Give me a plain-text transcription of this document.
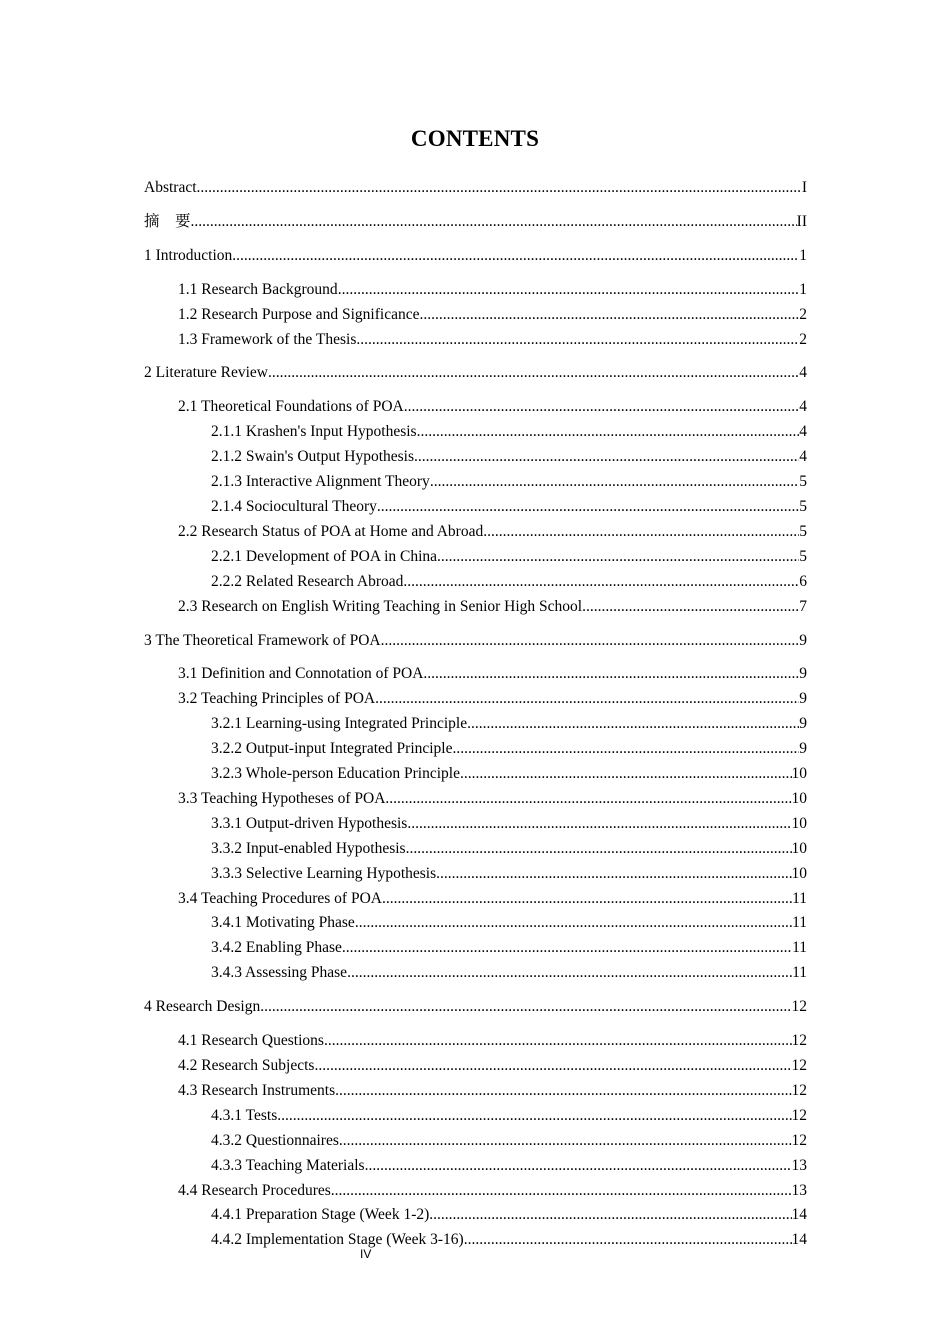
CONTENTS
Abstract .....	I
摘　要 .....	II
1 Introduction .....	1
1.1 Research Background .....	1
1.2 Research Purpose and Significance .....	2
1.3 Framework of the Thesis .....	2
2 Literature Review .....	4
2.1 Theoretical Foundations of POA .....	4
2.1.1 Krashen's Input Hypothesis .....	4
2.1.2 Swain's Output Hypothesis .....	4
2.1.3 Interactive Alignment Theory .....	5
2.1.4 Sociocultural Theory .....	5
2.2 Research Status of POA at Home and Abroad .....	5
2.2.1 Development of POA in China .....	5
2.2.2 Related Research Abroad .....	6
2.3 Research on English Writing Teaching in Senior High School .....	7
3 The Theoretical Framework of POA .....	9
3.1 Definition and Connotation of POA .....	9
3.2 Teaching Principles of POA .....	9
3.2.1 Learning-using Integrated Principle .....	9
3.2.2 Output-input Integrated Principle .....	9
3.2.3 Whole-person Education Principle .....	10
3.3 Teaching Hypotheses of POA .....	10
3.3.1 Output-driven Hypothesis .....	10
3.3.2 Input-enabled Hypothesis .....	10
3.3.3 Selective Learning Hypothesis .....	10
3.4 Teaching Procedures of POA .....	11
3.4.1 Motivating Phase .....	11
3.4.2 Enabling Phase .....	11
3.4.3 Assessing Phase .....	11
4 Research Design .....	12
4.1 Research Questions .....	12
4.2 Research Subjects .....	12
4.3 Research Instruments .....	12
4.3.1 Tests .....	12
4.3.2 Questionnaires .....	12
4.3.3 Teaching Materials .....	13
4.4 Research Procedures .....	13
4.4.1 Preparation Stage (Week 1-2) .....	14
4.4.2 Implementation Stage (Week 3-16) .....	14
IV
